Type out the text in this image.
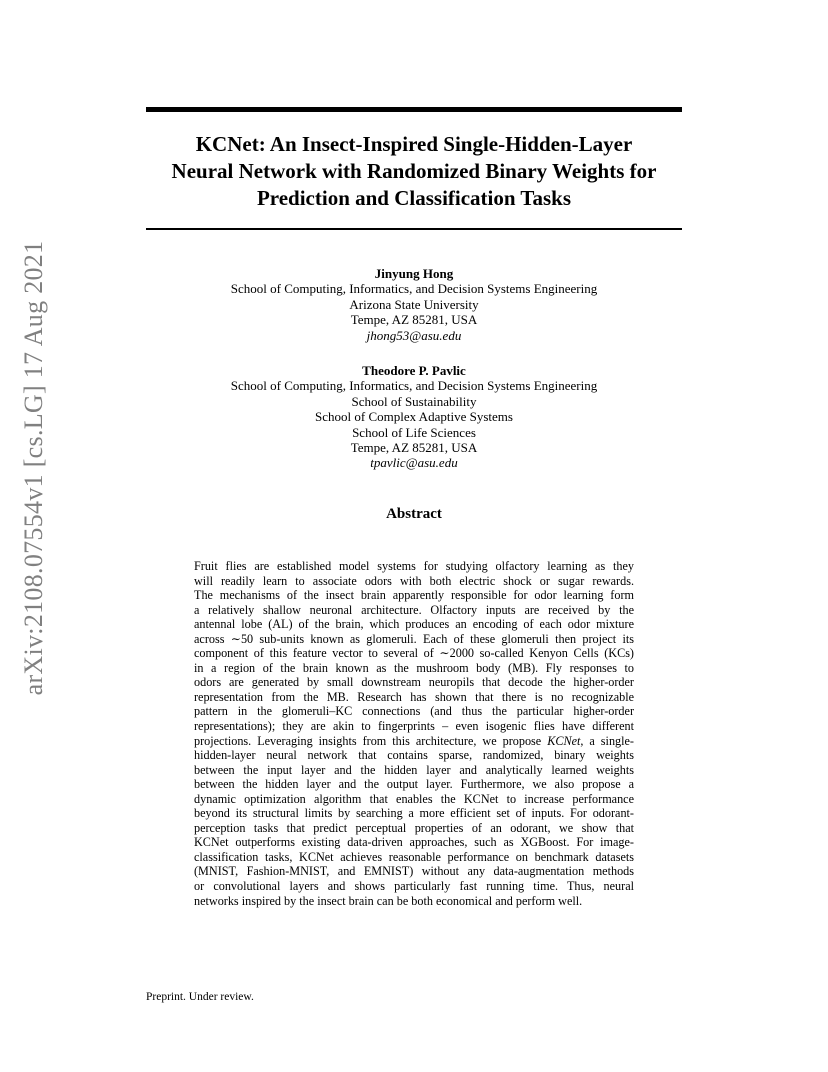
KCNet: An Insect-Inspired Single-Hidden-Layer
Neural Network with Randomized Binary Weights for
Prediction and Classification Tasks
Jinyung Hong
School of Computing, Informatics, and Decision Systems Engineering
Arizona State University
Tempe, AZ 85281, USA
jhong53@asu.edu
Theodore P. Pavlic
School of Computing, Informatics, and Decision Systems Engineering
School of Sustainability
School of Complex Adaptive Systems
School of Life Sciences
Tempe, AZ 85281, USA
tpavlic@asu.edu
Abstract
Fruit flies are established model systems for studying olfactory learning as they
will readily learn to associate odors with both electric shock or sugar rewards.
The mechanisms of the insect brain apparently responsible for odor learning form
a relatively shallow neuronal architecture. Olfactory inputs are received by the
antennal lobe (AL) of the brain, which produces an encoding of each odor mixture
across ∼50 sub-units known as glomeruli. Each of these glomeruli then project its
component of this feature vector to several of ∼2000 so-called Kenyon Cells (KCs)
in a region of the brain known as the mushroom body (MB). Fly responses to
odors are generated by small downstream neuropils that decode the higher-order
representation from the MB. Research has shown that there is no recognizable
pattern in the glomeruli–KC connections (and thus the particular higher-order
representations); they are akin to fingerprints – even isogenic flies have different
projections. Leveraging insights from this architecture, we propose KCNet, a single-
hidden-layer neural network that contains sparse, randomized, binary weights
between the input layer and the hidden layer and analytically learned weights
between the hidden layer and the output layer. Furthermore, we also propose a
dynamic optimization algorithm that enables the KCNet to increase performance
beyond its structural limits by searching a more efficient set of inputs. For odorant-
perception tasks that predict perceptual properties of an odorant, we show that
KCNet outperforms existing data-driven approaches, such as XGBoost. For image-
classification tasks, KCNet achieves reasonable performance on benchmark datasets
(MNIST, Fashion-MNIST, and EMNIST) without any data-augmentation methods
or convolutional layers and shows particularly fast running time. Thus, neural
networks inspired by the insect brain can be both economical and perform well.
Preprint. Under review.
arXiv:2108.07554v1 [cs.LG] 17 Aug 2021
